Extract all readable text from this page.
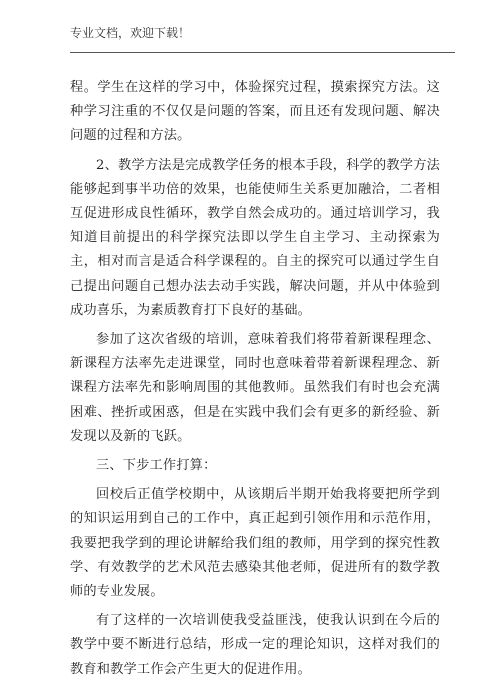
专业文档，欢迎下载！

程。学生在这样的学习中，体验探究过程，摸索探究方法。这种学习注重的不仅仅是问题的答案，而且还有发现问题、解决问题的过程和方法。

2、教学方法是完成教学任务的根本手段，科学的教学方法能够起到事半功倍的效果，也能使师生关系更加融洽，二者相互促进形成良性循环，教学自然会成功的。通过培训学习，我知道目前提出的科学探究法即以学生自主学习、主动探索为主，相对而言是适合科学课程的。自主的探究可以通过学生自己提出问题自己想办法去动手实践，解决问题，并从中体验到成功喜乐，为素质教育打下良好的基础。

参加了这次省级的培训，意味着我们将带着新课程理念、新课程方法率先走进课堂，同时也意味着带着新课程理念、新课程方法率先和影响周围的其他教师。虽然我们有时也会充满困难、挫折或困惑，但是在实践中我们会有更多的新经验、新发现以及新的飞跃。

三、下步工作打算：

回校后正值学校期中，从该期后半期开始我将要把所学到的知识运用到自己的工作中，真正起到引领作用和示范作用，我要把我学到的理论讲解给我们组的教师，用学到的探究性教学、有效教学的艺术风范去感染其他老师，促进所有的数学教师的专业发展。

有了这样的一次培训使我受益匪浅，使我认识到在今后的教学中要不断进行总结，形成一定的理论知识，这样对我们的教育和教学工作会产生更大的促进作用。
